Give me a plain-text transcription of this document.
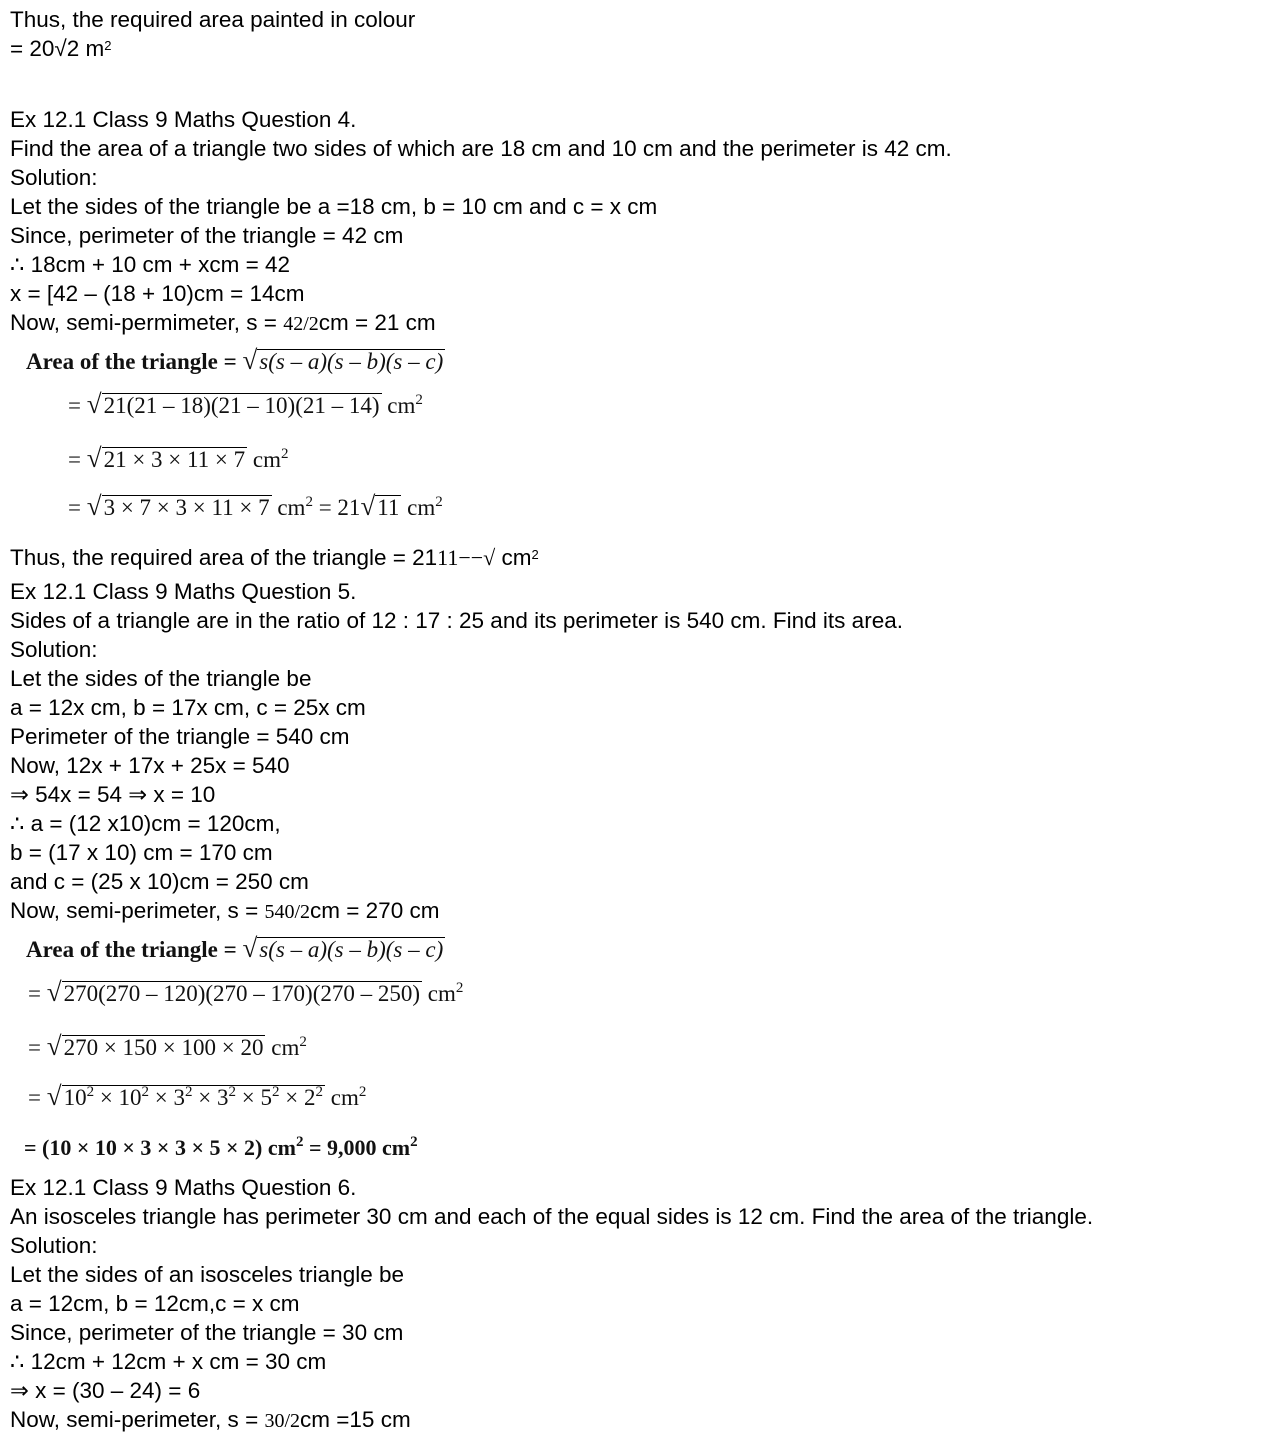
Thus, the required area painted in colour
= 20√2 $m^2$
Ex 12.1 Class 9 Maths Question 4.
Find the area of a triangle two sides of which are 18 cm and 10 cm and the perimeter is 42 cm.
Solution:
Let the sides of the triangle be a =18 cm, b = 10 cm and c = x cm
Since, perimeter of the triangle = 42 cm
∴ 18cm + 10 cm + xcm = 42
x = [42 – (18 + 10)cm = 14cm
Now, semi-permimeter, s = 42/2cm = 21 cm
Area of the triangle = √s(s – a)(s – b)(s – c)
= √21(21 – 18)(21 – 10)(21 – 14) $cm^2$
= √21 × 3 × 11 × 7 $cm^2$
= √3 × 7 × 3 × 11 × 7 $cm^2 = 21√11$ $cm^2$
Thus, the required area of the triangle = 2111−−√ $cm^2$
Ex 12.1 Class 9 Maths Question 5.
Sides of a triangle are in the ratio of 12 : 17 : 25 and its perimeter is 540 cm. Find its area.
Solution:
Let the sides of the triangle be
a = 12x cm, b = 17x cm, c = 25x cm
Perimeter of the triangle = 540 cm
Now, 12x + 17x + 25x = 540
⇒ 54x = 54 ⇒ x = 10
∴ a = (12 x10)cm = 120cm,
b = (17 x 10) cm = 170 cm
and c = (25 x 10)cm = 250 cm
Now, semi-perimeter, s = 540/2cm = 270 cm
Area of the triangle = √s(s – a)(s – b)(s – c)
= √270(270 – 120)(270 – 170)(270 – 250) $cm^2$
= √270 × 150 × 100 × 20 $cm^2$
= $√10^2 \times 10^2 \times 3^2 \times 3^2 \times 5^2 \times 2^2$ $cm^2$
= (10 × 10 × 3 × 3 × 5 × 2) $cm^2 = 9,000$ $cm^2$
Ex 12.1 Class 9 Maths Question 6.
An isosceles triangle has perimeter 30 cm and each of the equal sides is 12 cm. Find the area of the triangle.
Solution:
Let the sides of an isosceles triangle be
a = 12cm, b = 12cm,c = x cm
Since, perimeter of the triangle = 30 cm
∴ 12cm + 12cm + x cm = 30 cm
⇒ x = (30 – 24) = 6
Now, semi-perimeter, s = 30/2cm =15 cm
